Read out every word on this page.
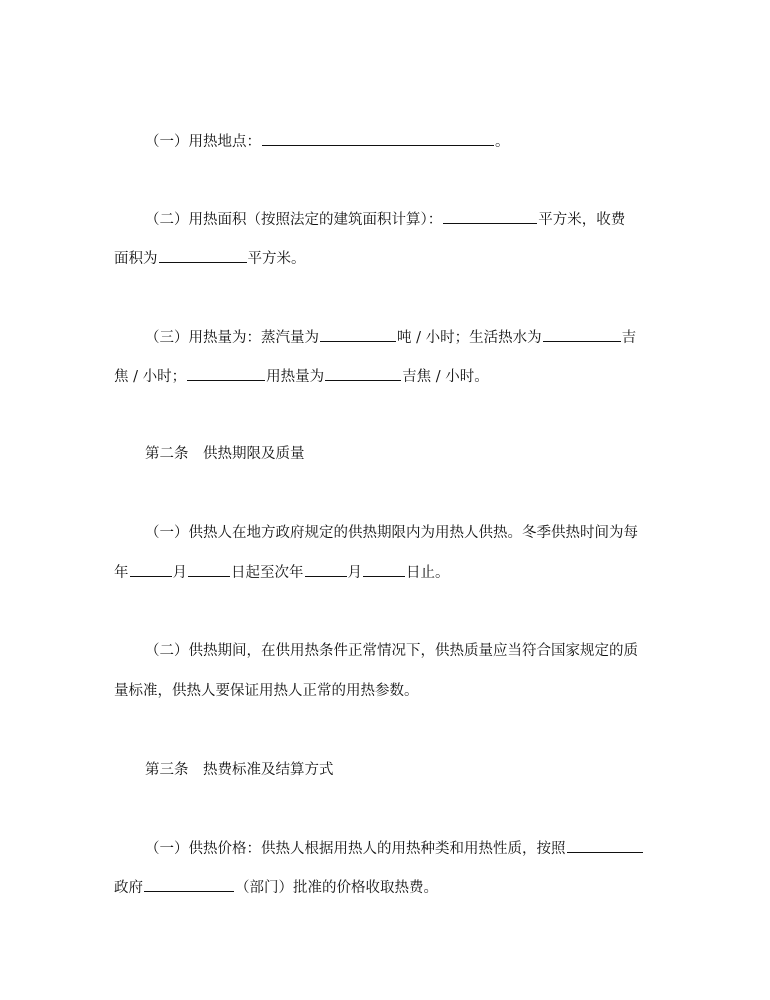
（一）用热地点：	。
（二）用热面积（按照法定的建筑面积计算）：	平方米，收费
面积为	平方米。
（三）用热量为：蒸汽量为	吨 / 小时；生活热水为	吉
焦 / 小时；	用热量为	吉焦 / 小时。
第二条　供热期限及质量
（一）供热人在地方政府规定的供热期限内为用热人供热。冬季供热时间为每
年	月	日起至次年	月	日止。
（二）供热期间，在供用热条件正常情况下，供热质量应当符合国家规定的质
量标准，供热人要保证用热人正常的用热参数。
第三条　热费标准及结算方式
（一）供热价格：供热人根据用热人的用热种类和用热性质，按照
政府	（部门）批准的价格收取热费。
